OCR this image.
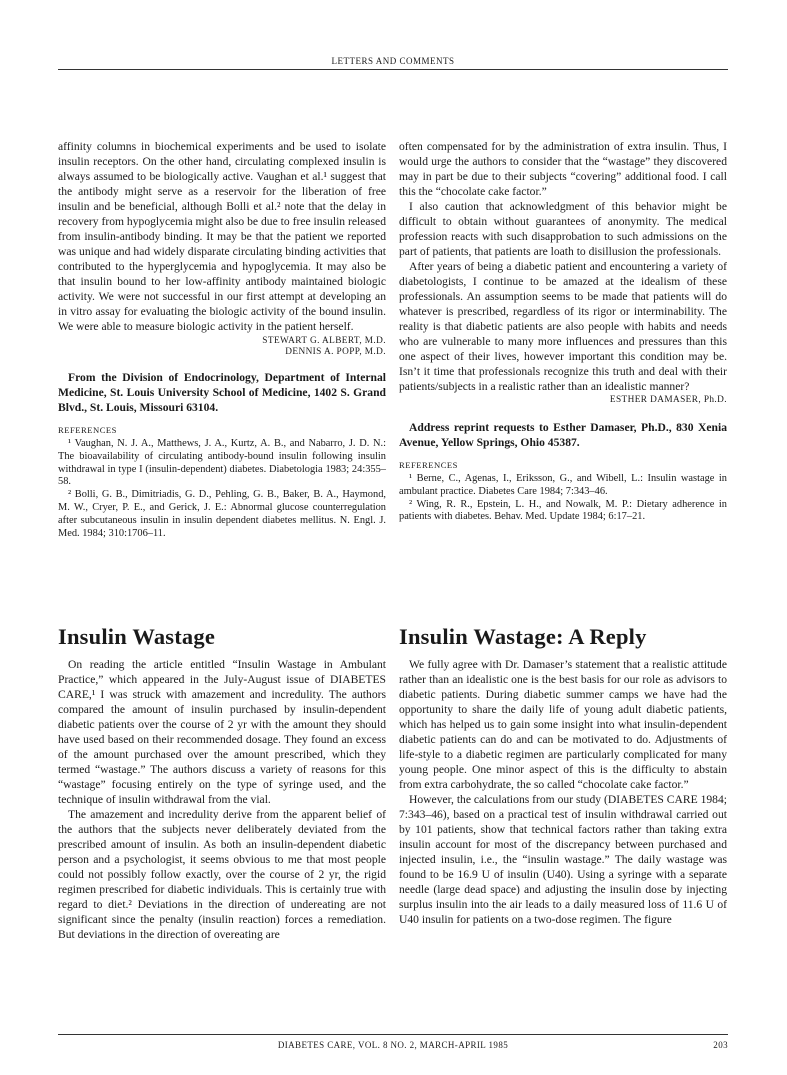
LETTERS AND COMMENTS

affinity columns in biochemical experiments and be used to isolate insulin receptors. On the other hand, circulating complexed insulin is always assumed to be biologically active. Vaughan et al.¹ suggest that the antibody might serve as a reservoir for the liberation of free insulin and be beneficial, although Bolli et al.² note that the delay in recovery from hypoglycemia might also be due to free insulin released from insulin-antibody binding. It may be that the patient we reported was unique and had widely disparate circulating binding activities that contributed to the hyperglycemia and hypoglycemia. It may also be that insulin bound to her low-affinity antibody maintained biologic activity. We were not successful in our first attempt at developing an in vitro assay for evaluating the biologic activity of the bound insulin. We were able to measure biologic activity in the patient herself.

STEWART G. ALBERT, M.D.
DENNIS A. POPP, M.D.

From the Division of Endocrinology, Department of Internal Medicine, St. Louis University School of Medicine, 1402 S. Grand Blvd., St. Louis, Missouri 63104.

REFERENCES

¹ Vaughan, N. J. A., Matthews, J. A., Kurtz, A. B., and Nabarro, J. D. N.: The bioavailability of circulating antibody-bound insulin following insulin withdrawal in type I (insulin-dependent) diabetes. Diabetologia 1983; 24:355–58.

² Bolli, G. B., Dimitriadis, G. D., Pehling, G. B., Baker, B. A., Haymond, M. W., Cryer, P. E., and Gerick, J. E.: Abnormal glucose counterregulation after subcutaneous insulin in insulin dependent diabetes mellitus. N. Engl. J. Med. 1984; 310:1706–11.

often compensated for by the administration of extra insulin. Thus, I would urge the authors to consider that the “wastage” they discovered may in part be due to their subjects “covering” additional food. I call this the “chocolate cake factor.”

I also caution that acknowledgment of this behavior might be difficult to obtain without guarantees of anonymity. The medical profession reacts with such disapprobation to such admissions on the part of patients, that patients are loath to disillusion the professionals.

After years of being a diabetic patient and encountering a variety of diabetologists, I continue to be amazed at the idealism of these professionals. An assumption seems to be made that patients will do whatever is prescribed, regardless of its rigor or interminability. The reality is that diabetic patients are also people with habits and needs who are vulnerable to many more influences and pressures than this one aspect of their lives, however important this condition may be. Isn’t it time that professionals recognize this truth and deal with their patients/subjects in a realistic rather than an idealistic manner?

ESTHER DAMASER, Ph.D.

Address reprint requests to Esther Damaser, Ph.D., 830 Xenia Avenue, Yellow Springs, Ohio 45387.

REFERENCES

¹ Berne, C., Agenas, I., Eriksson, G., and Wibell, L.: Insulin wastage in ambulant practice. Diabetes Care 1984; 7:343–46.

² Wing, R. R., Epstein, L. H., and Nowalk, M. P.: Dietary adherence in patients with diabetes. Behav. Med. Update 1984; 6:17–21.

Insulin Wastage

On reading the article entitled “Insulin Wastage in Ambulant Practice,” which appeared in the July-August issue of DIABETES CARE,¹ I was struck with amazement and incredulity. The authors compared the amount of insulin purchased by insulin-dependent diabetic patients over the course of 2 yr with the amount they should have used based on their recommended dosage. They found an excess of the amount purchased over the amount prescribed, which they termed “wastage.” The authors discuss a variety of reasons for this “wastage” focusing entirely on the type of syringe used, and the technique of insulin withdrawal from the vial.

The amazement and incredulity derive from the apparent belief of the authors that the subjects never deliberately deviated from the prescribed amount of insulin. As both an insulin-dependent diabetic person and a psychologist, it seems obvious to me that most people could not possibly follow exactly, over the course of 2 yr, the rigid regimen prescribed for diabetic individuals. This is certainly true with regard to diet.² Deviations in the direction of undereating are not significant since the penalty (insulin reaction) forces a remediation. But deviations in the direction of overeating are

Insulin Wastage: A Reply

We fully agree with Dr. Damaser’s statement that a realistic attitude rather than an idealistic one is the best basis for our role as advisors to diabetic patients. During diabetic summer camps we have had the opportunity to share the daily life of young adult diabetic patients, which has helped us to gain some insight into what insulin-dependent diabetic patients can do and can be motivated to do. Adjustments of life-style to a diabetic regimen are particularly complicated for many young people. One minor aspect of this is the difficulty to abstain from extra carbohydrate, the so called “chocolate cake factor.”

However, the calculations from our study (DIABETES CARE 1984; 7:343–46), based on a practical test of insulin withdrawal carried out by 101 patients, show that technical factors rather than taking extra insulin account for most of the discrepancy between purchased and injected insulin, i.e., the “insulin wastage.” The daily wastage was found to be 16.9 U of insulin (U40). Using a syringe with a separate needle (large dead space) and adjusting the insulin dose by injecting surplus insulin into the air leads to a daily measured loss of 11.6 U of U40 insulin for patients on a two-dose regimen. The figure

DIABETES CARE, VOL. 8 NO. 2, MARCH-APRIL 1985	203
